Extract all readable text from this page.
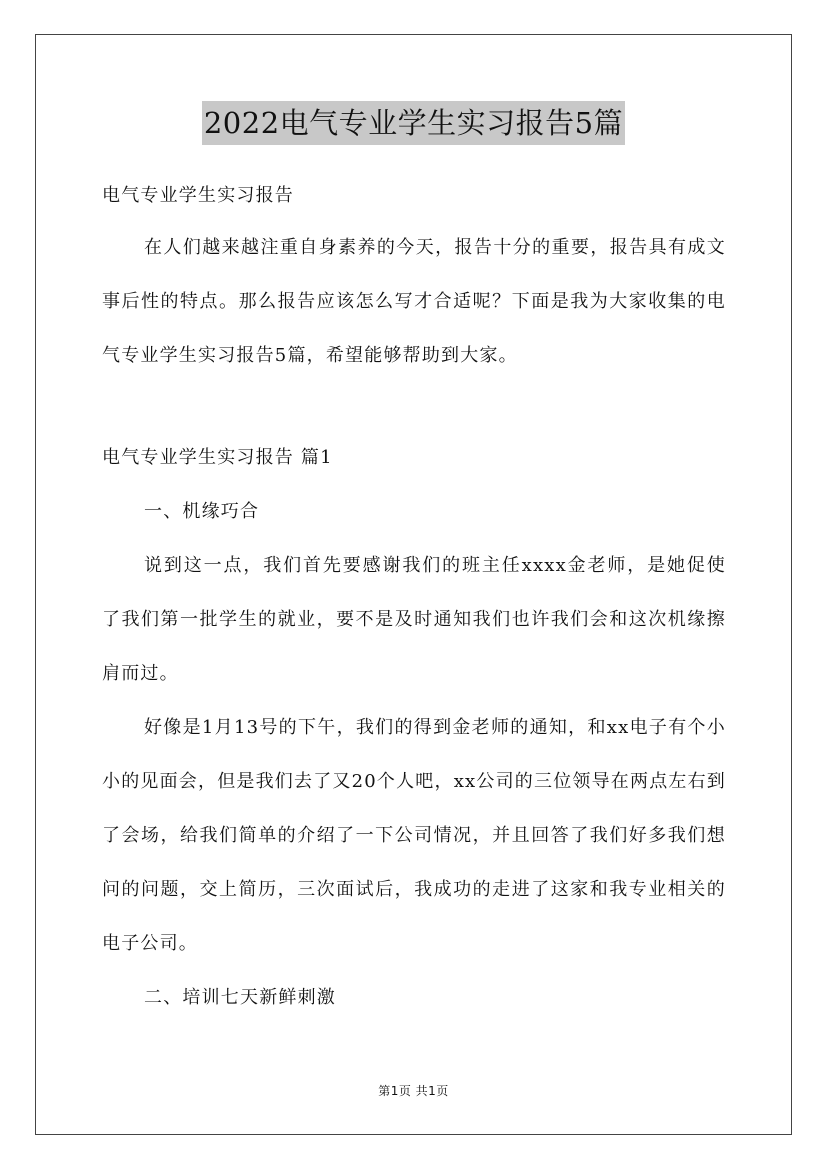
2022电气专业学生实习报告5篇

电气专业学生实习报告

在人们越来越注重自身素养的今天，报告十分的重要，报告具有成文事后性的特点。那么报告应该怎么写才合适呢？下面是我为大家收集的电气专业学生实习报告5篇，希望能够帮助到大家。

电气专业学生实习报告 篇1

一、机缘巧合

说到这一点，我们首先要感谢我们的班主任xxxx金老师，是她促使了我们第一批学生的就业，要不是及时通知我们也许我们会和这次机缘擦肩而过。

好像是1月13号的下午，我们的得到金老师的通知，和xx电子有个小小的见面会，但是我们去了又20个人吧，xx公司的三位领导在两点左右到了会场，给我们简单的介绍了一下公司情况，并且回答了我们好多我们想问的问题，交上简历，三次面试后，我成功的走进了这家和我专业相关的电子公司。

二、培训七天新鲜刺激

第1页 共1页
